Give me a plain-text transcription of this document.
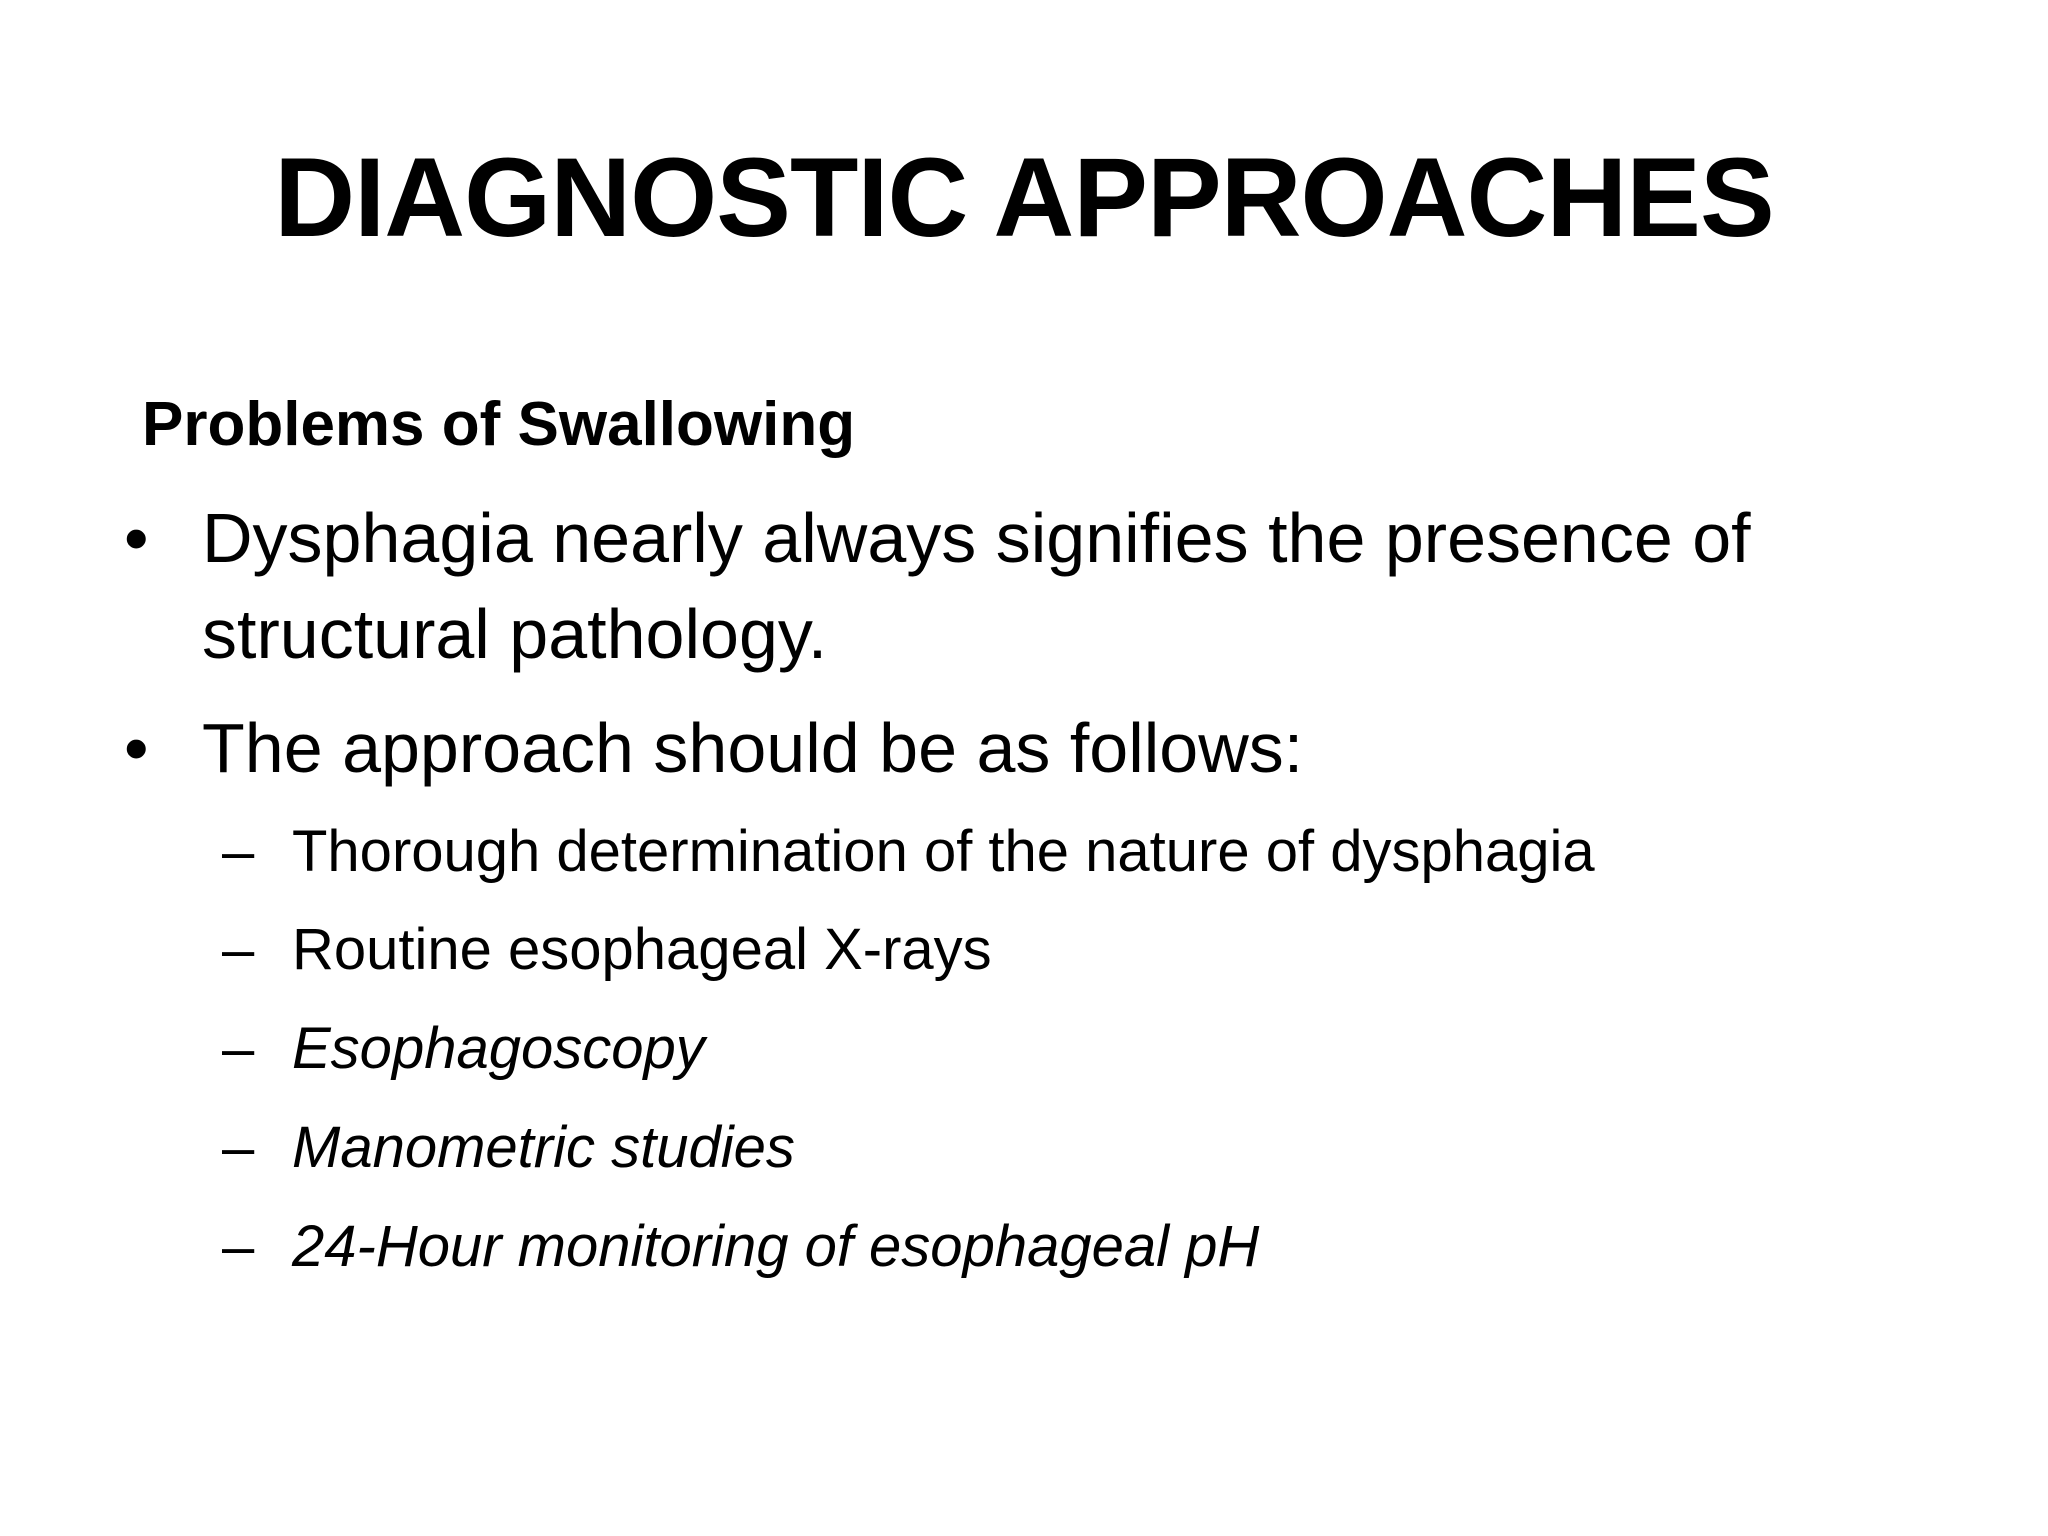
DIAGNOSTIC APPROACHES

Problems of Swallowing

• Dysphagia nearly always signifies the presence of structural pathology.
• The approach should be as follows:
– Thorough determination of the nature of dysphagia
– Routine esophageal X-rays
– Esophagoscopy
– Manometric studies
– 24-Hour monitoring of esophageal pH
